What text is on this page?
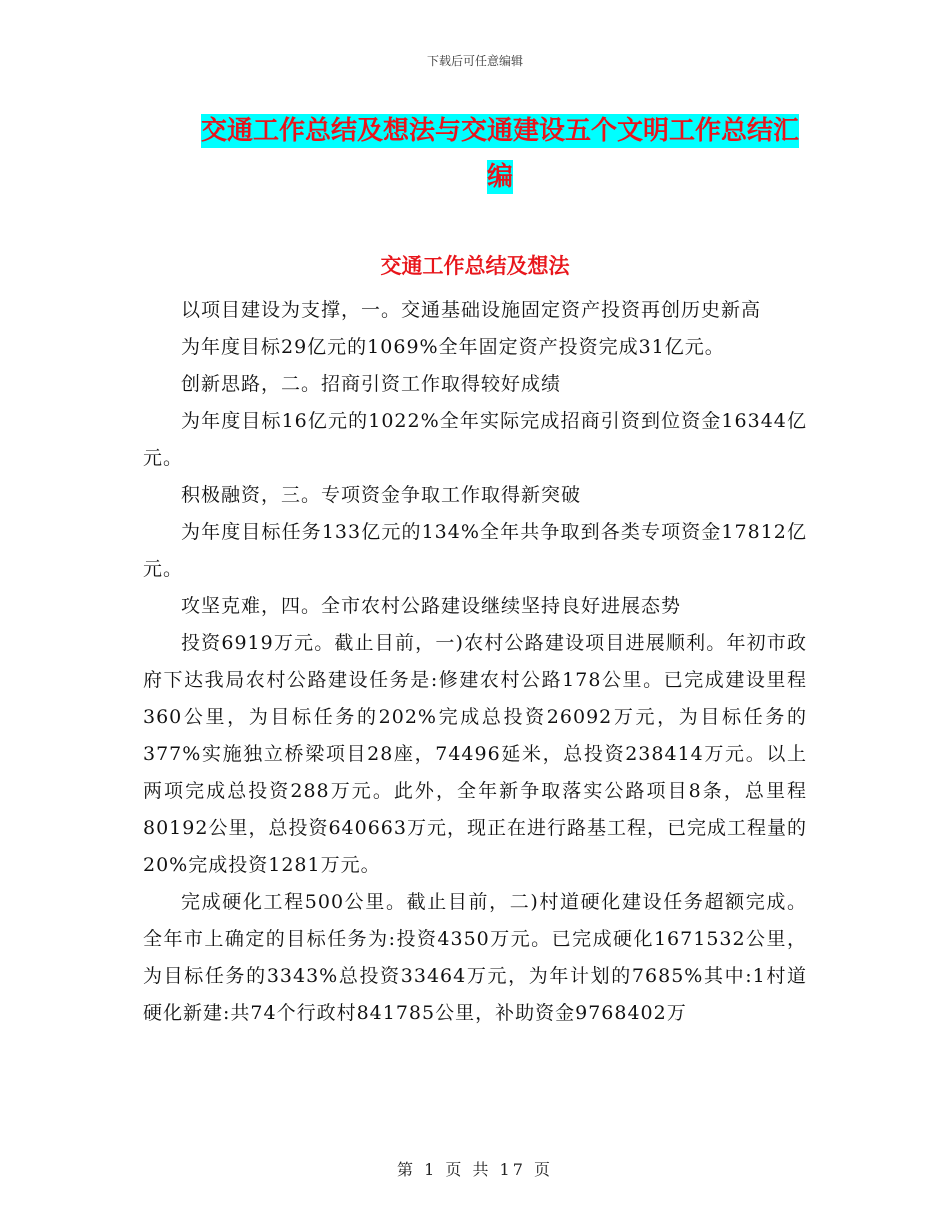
下载后可任意编辑
交通工作总结及想法与交通建设五个文明工作总结汇
编
交通工作总结及想法

以项目建设为支撑，一。交通基础设施固定资产投资再创历史新高

为年度目标29亿元的1069%全年固定资产投资完成31亿元。

创新思路，二。招商引资工作取得较好成绩

为年度目标16亿元的1022%全年实际完成招商引资到位资金16344亿元。

积极融资，三。专项资金争取工作取得新突破

为年度目标任务133亿元的134%全年共争取到各类专项资金17812亿元。

攻坚克难，四。全市农村公路建设继续坚持良好进展态势

投资6919万元。截止目前，一)农村公路建设项目进展顺利。年初市政府下达我局农村公路建设任务是:修建农村公路178公里。已完成建设里程360公里，为目标任务的202%完成总投资26092万元，为目标任务的377%实施独立桥梁项目28座，74496延米，总投资238414万元。以上两项完成总投资288万元。此外，全年新争取落实公路项目8条，总里程80192公里，总投资640663万元，现正在进行路基工程，已完成工程量的20%完成投资1281万元。

完成硬化工程500公里。截止目前，二)村道硬化建设任务超额完成。全年市上确定的目标任务为:投资4350万元。已完成硬化1671532公里，为目标任务的3343%总投资33464万元，为年计划的7685%其中:1村道硬化新建:共74个行政村841785公里，补助资金9768402万

第 1 页 共 17 页
